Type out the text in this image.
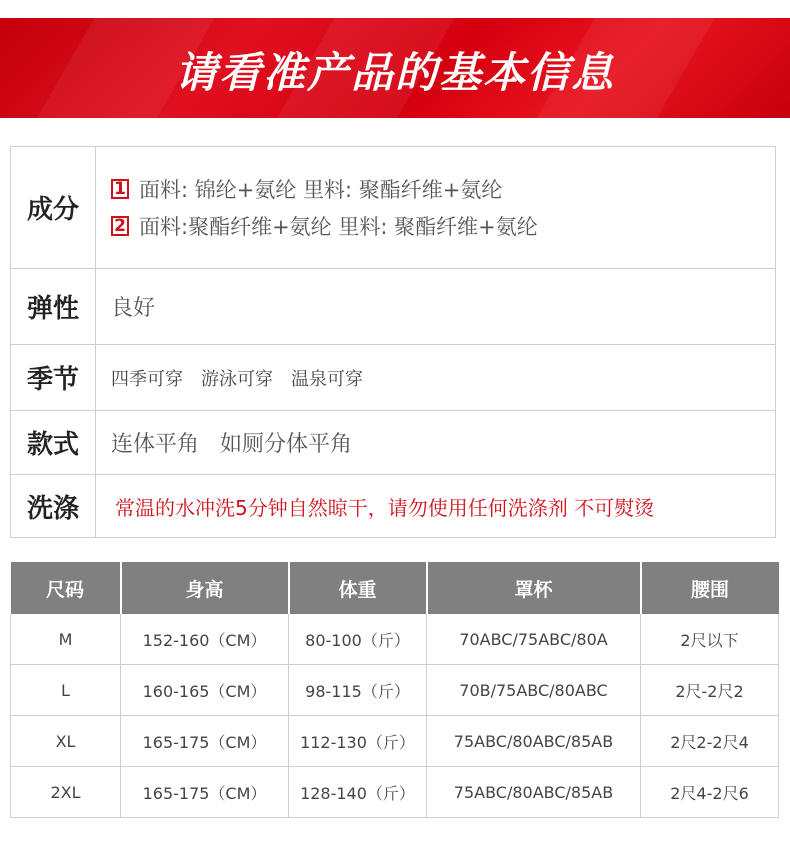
请看准产品的基本信息
成分
1 面料: 锦纶+氨纶 里料: 聚酯纤维+氨纶
2 面料:聚酯纤维+氨纶 里料: 聚酯纤维+氨纶
弹性	良好
季节	四季可穿 游泳可穿 温泉可穿
款式	连体平角   如厕分体平角
洗涤	常温的水冲洗5分钟自然晾干，请勿使用任何洗涤剂 不可熨烫
尺码	身高	体重	罩杯	腰围
M	152-160（CM）	80-100（斤）	70ABC/75ABC/80A	2尺以下
L	160-165（CM）	98-115（斤）	70B/75ABC/80ABC	2尺-2尺2
XL	165-175（CM）	112-130（斤）	75ABC/80ABC/85AB	2尺2-2尺4
2XL	165-175（CM）	128-140（斤）	75ABC/80ABC/85AB	2尺4-2尺6
